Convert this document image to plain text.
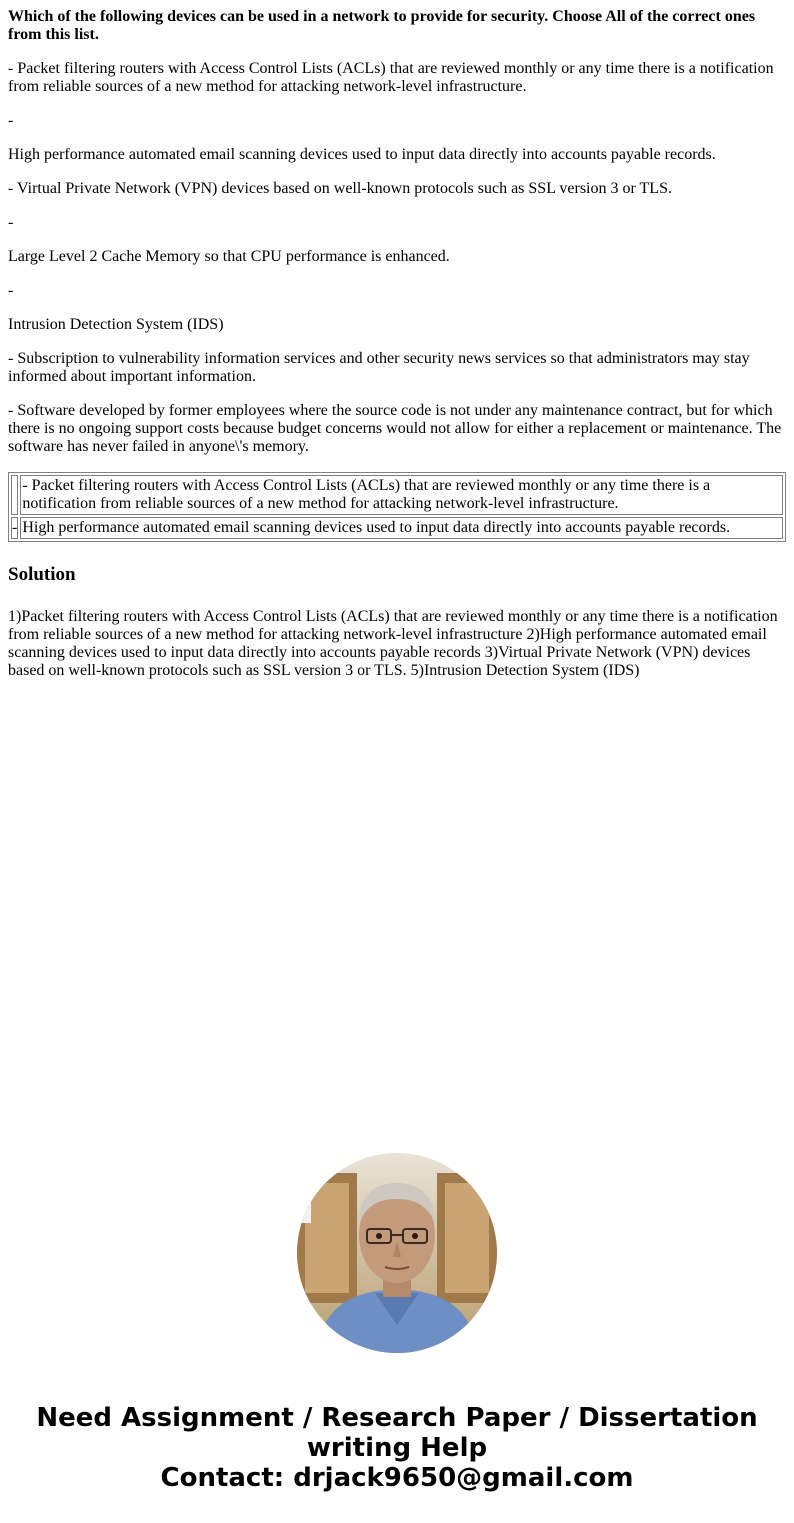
Which of the following devices can be used in a network to provide for security. Choose All of the correct ones from this list.

- Packet filtering routers with Access Control Lists (ACLs) that are reviewed monthly or any time there is a notification from reliable sources of a new method for attacking network-level infrastructure.

-

High performance automated email scanning devices used to input data directly into accounts payable records.

- Virtual Private Network (VPN) devices based on well-known protocols such as SSL version 3 or TLS.

-

Large Level 2 Cache Memory so that CPU performance is enhanced.

-

Intrusion Detection System (IDS)

- Subscription to vulnerability information services and other security news services so that administrators may stay informed about important information.

- Software developed by former employees where the source code is not under any maintenance contract, but for which there is no ongoing support costs because budget concerns would not allow for either a replacement or maintenance. The software has never failed in anyone\'s memory.

	- Packet filtering routers with Access Control Lists (ACLs) that are reviewed monthly or any time there is a notification from reliable sources of a new method for attacking network-level infrastructure.
-	High performance automated email scanning devices used to input data directly into accounts payable records.
Solution

1)Packet filtering routers with Access Control Lists (ACLs) that are reviewed monthly or any time there is a notification from reliable sources of a new method for attacking network-level infrastructure 2)High performance automated email scanning devices used to input data directly into accounts payable records 3)Virtual Private Network (VPN) devices based on well-known protocols such as SSL version 3 or TLS. 5)Intrusion Detection System (IDS)

Need Assignment / Research Paper / Dissertation
writing Help
Contact: drjack9650@gmail.com
